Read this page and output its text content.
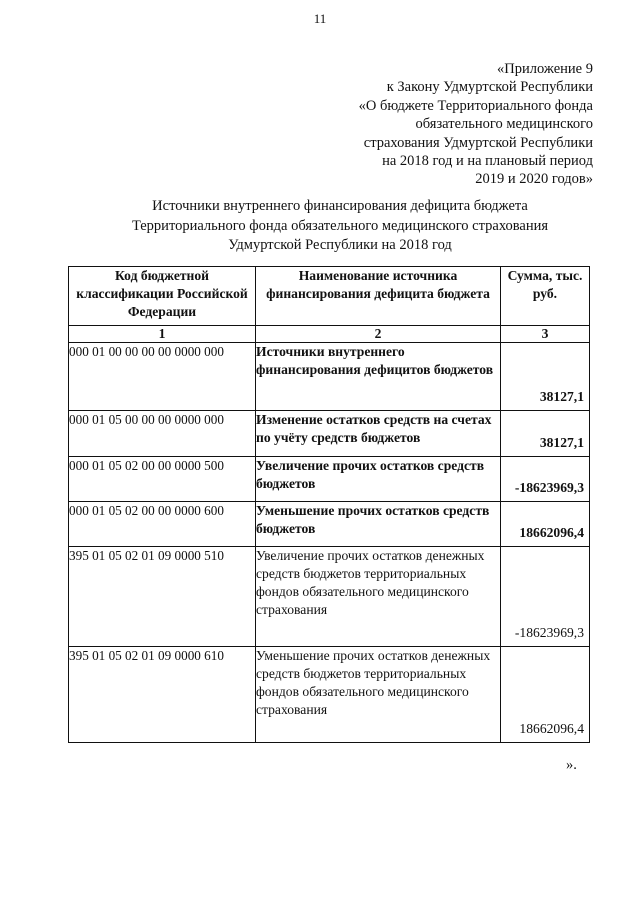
11
«Приложение 9
к Закону Удмуртской Республики
«О бюджете Территориального фонда
обязательного медицинского
страхования Удмуртской Республики
на 2018 год и на плановый период
2019 и 2020 годов»
Источники внутреннего финансирования дефицита бюджета
Территориального фонда обязательного медицинского страхования
Удмуртской Республики на 2018 год
Код бюджетной классификации Российской Федерации	Наименование источника финансирования дефицита бюджета	Сумма, тыс. руб.
1	2	3
000 01 00 00 00 00 0000 000	Источники внутреннего финансирования дефицитов бюджетов	38127,1
000 01 05 00 00 00 0000 000	Изменение остатков средств на счетах по учёту средств бюджетов	38127,1
000 01 05 02 00 00 0000 500	Увеличение прочих остатков средств бюджетов	-18623969,3
000 01 05 02 00 00 0000 600	Уменьшение прочих остатков средств бюджетов	18662096,4
395 01 05 02 01 09 0000 510	Увеличение прочих остатков денежных средств бюджетов территориальных фондов обязательного медицинского страхования	-18623969,3
395 01 05 02 01 09 0000 610	Уменьшение прочих остатков денежных средств бюджетов территориальных фондов обязательного медицинского страхования	18662096,4
».
